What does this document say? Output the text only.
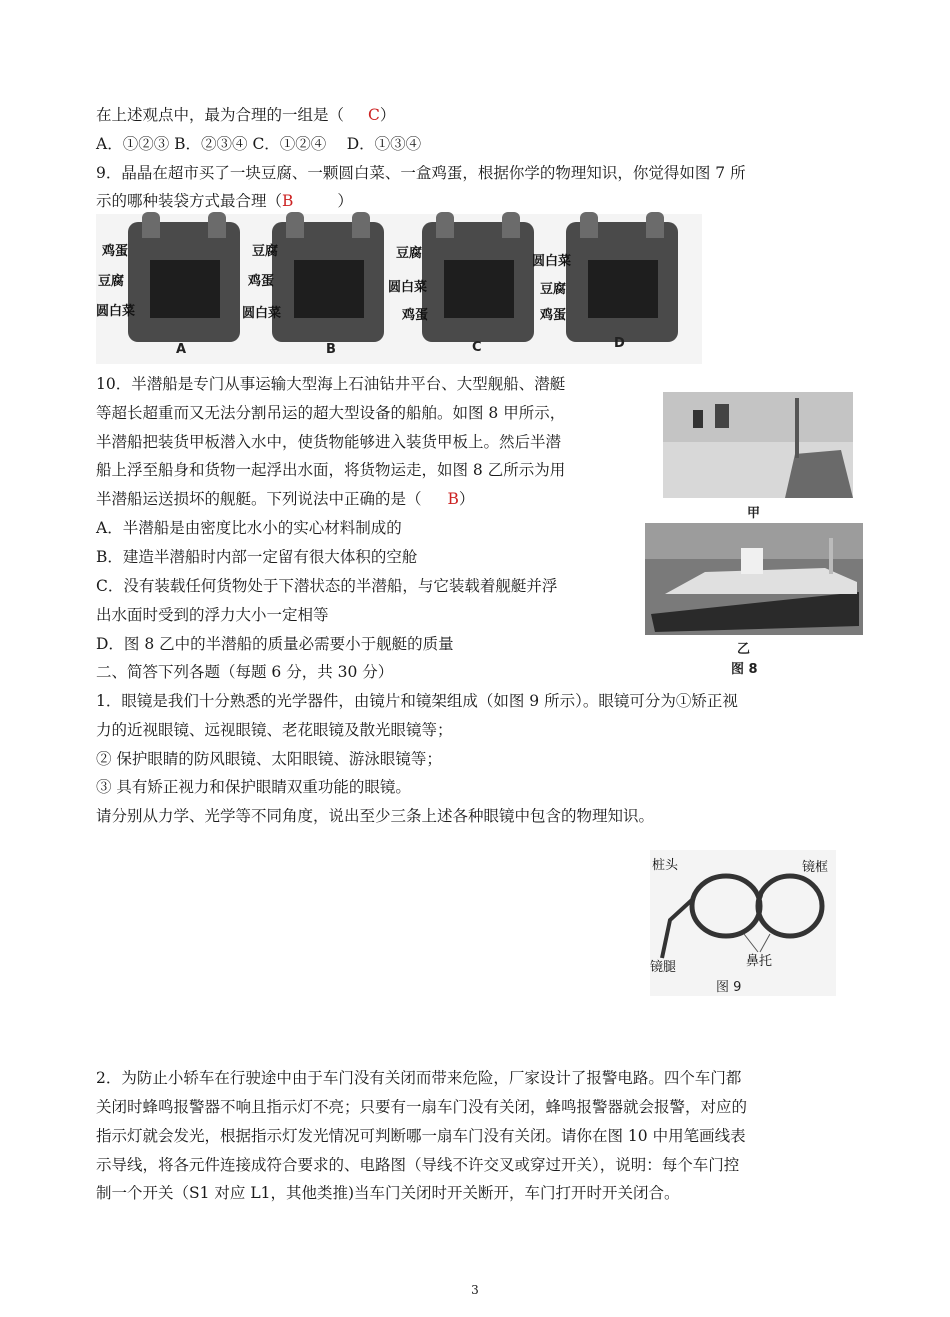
在上述观点中，最为合理的一组是（ C）
A．①②③ B．②③④ C．①②④　 D．①③④
9．晶晶在超市买了一块豆腐、一颗圆白菜、一盒鸡蛋，根据你学的物理知识，你觉得如图 7 所
示的哪种装袋方式最合理（B	）
鸡蛋
豆腐
圆白菜
A
豆腐
鸡蛋
圆白菜
B
豆腐
圆白菜
鸡蛋
C
圆白菜
豆腐
鸡蛋
D
10．半潜船是专门从事运输大型海上石油钻井平台、大型舰船、潜艇
等超长超重而又无法分割吊运的超大型设备的船舶。如图 8 甲所示，
半潜船把装货甲板潜入水中，使货物能够进入装货甲板上。然后半潜
船上浮至船身和货物一起浮出水面，将货物运走，如图 8 乙所示为用
半潜船运送损坏的舰艇。下列说法中正确的是（ B）
A．半潜船是由密度比水小的实心材料制成的
B．建造半潜船时内部一定留有很大体积的空舱
C．没有装载任何货物处于下潜状态的半潜船，与它装载着舰艇并浮
出水面时受到的浮力大小一定相等
D．图 8 乙中的半潜船的质量必需要小于舰艇的质量
甲
乙
图 8
二、简答下列各题（每题 6 分，共 30 分）
1．眼镜是我们十分熟悉的光学器件，由镜片和镜架组成（如图 9 所示）。眼镜可分为①矫正视
力的近视眼镜、远视眼镜、老花眼镜及散光眼镜等；
② 保护眼睛的防风眼镜、太阳眼镜、游泳眼镜等；
③ 具有矫正视力和保护眼睛双重功能的眼镜。
请分别从力学、光学等不同角度，说出至少三条上述各种眼镜中包含的物理知识。
桩头	镜框
鼻托
镜腿
图 9
2．为防止小轿车在行驶途中由于车门没有关闭而带来危险，厂家设计了报警电路。四个车门都
关闭时蜂鸣报警器不响且指示灯不亮；只要有一扇车门没有关闭，蜂鸣报警器就会报警，对应的
指示灯就会发光，根据指示灯发光情况可判断哪一扇车门没有关闭。请你在图 10 中用笔画线表
示导线，将各元件连接成符合要求的、电路图（导线不许交叉或穿过开关），说明：每个车门控
制一个开关（S1 对应 L1，其他类推)当车门关闭时开关断开，车门打开时开关闭合。
3
